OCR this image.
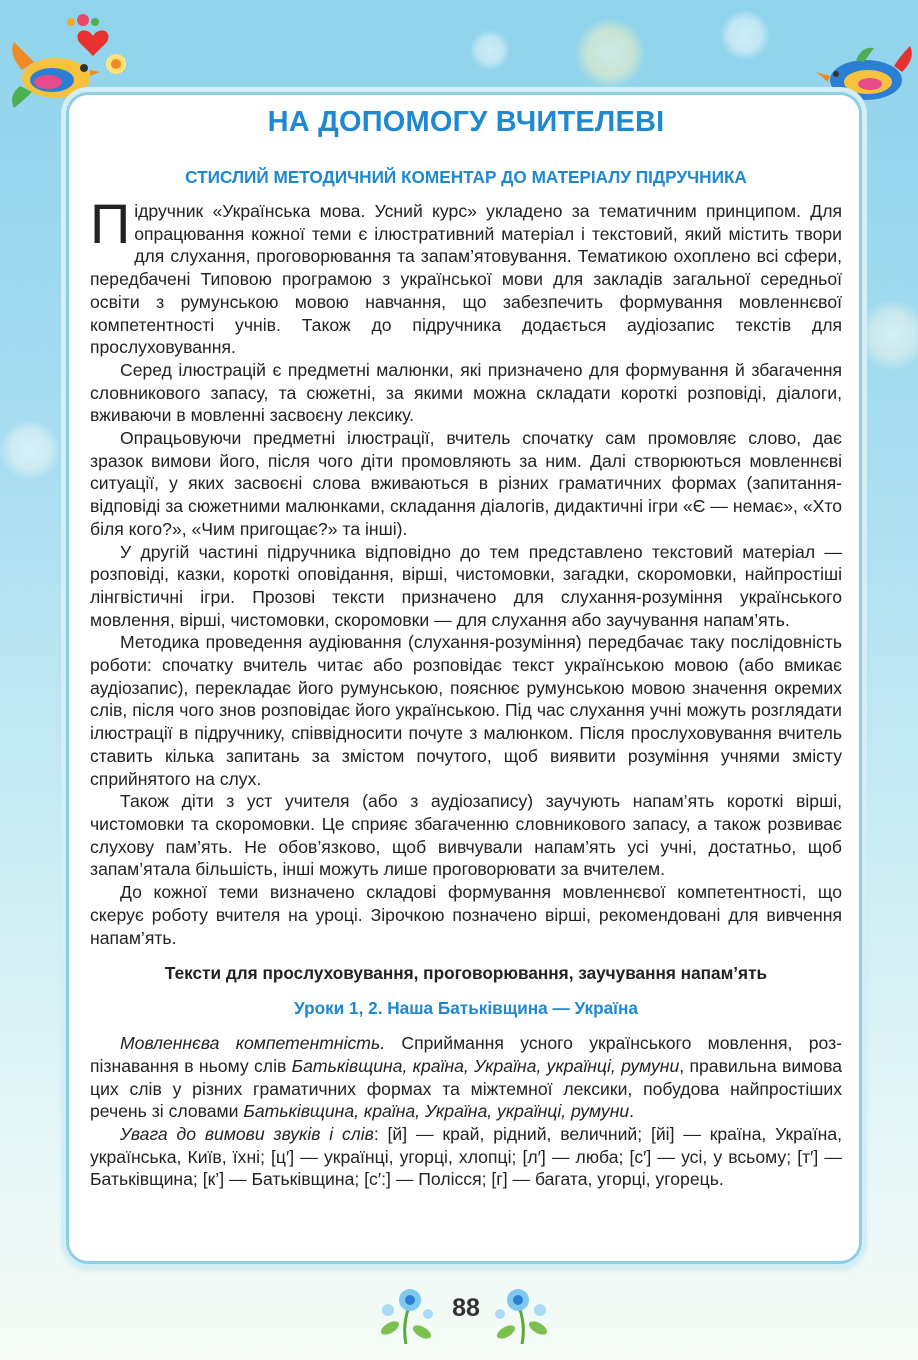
НА ДОПОМОГУ ВЧИТЕЛЕВІ
СТИСЛИЙ МЕТОДИЧНИЙ КОМЕНТАР ДО МАТЕРІАЛУ ПІДРУЧНИКА

Підручник «Українська мова. Усний курс» укладено за тематичним принципом. Для опрацювання кожної теми є ілюстративний матеріал і текстовий, який містить твори для слухання, проговорювання та запам’ятовування. Тематикою охоплено всі сфери, передбачені Типовою програмою з української мови для закладів загальної середньої освіти з румунською мовою навчання, що забезпечить формування мовленнєвої компетентності учнів. Також до підручника додається аудіозапис текстів для прослуховування.

Серед ілюстрацій є предметні малюнки, які призначено для формування й збагачення словникового запасу, та сюжетні, за якими можна складати короткі розповіді, діалоги, вживаючи в мовленні засвоєну лексику.

Опрацьовуючи предметні ілюстрації, вчитель спочатку сам промовляє слово, дає зразок вимови його, після чого діти промовляють за ним. Далі створюються мовленнєві ситуації, у яких засвоєні слова вживаються в різних граматичних формах (запитання-відповіді за сюжетними малюнками, складання діалогів, дидактичні ігри «Є — немає», «Хто біля кого?», «Чим пригощає?» та інші).

У другій частині підручника відповідно до тем представлено текстовий матеріал — розповіді, казки, короткі оповідання, вірші, чистомовки, загадки, скоромовки, найпростіші лінгвістичні ігри. Прозові тексти призначено для слухання-розуміння українського мовлення, вірші, чистомовки, скоромовки — для слухання або заучування напам’ять.

Методика проведення аудіювання (слухання-розуміння) передбачає таку послідовність роботи: спочатку вчитель читає або розповідає текст українською мовою (або вмикає аудіозапис), перекладає його румунською, пояснює румунською мовою значення окремих слів, після чого знов розповідає його українською. Під час слухання учні можуть розглядати ілюстрації в підручнику, співвідносити почуте з малюнком. Після прослуховування вчитель ставить кілька запитань за змістом почутого, щоб виявити розуміння учнями змісту сприйнятого на слух.

Також діти з уст учителя (або з аудіозапису) заучують напам’ять короткі вірші, чистомовки та скоромовки. Це сприяє збагаченню словникового запасу, а також розвиває слухову пам’ять. Не обов’язково, щоб вивчували напам’ять усі учні, достатньо, щоб запам’ятала більшість, інші можуть лише проговорювати за вчителем.

До кожної теми визначено складові формування мовленнєвої компетентності, що скерує роботу вчителя на уроці. Зірочкою позначено вірші, рекомендовані для вивчення напам’ять.

Тексти для прослуховування, проговорювання, заучування напам’ять
Уроки 1, 2. Наша Батьківщина — Україна

Мовленнєва компетентність. Сприймання усного українського мовлення, розпізнавання в ньому слів Батьківщина, країна, Україна, українці, румуни, правильна вимова цих слів у різних граматичних формах та міжтемної лексики, побудова найпростіших речень зі словами Батьківщина, країна, Україна, українці, румуни.

Увага до вимови звуків і слів: [й] — край, рідний, величний; [йі] — країна, Україна, українська, Київ, їхні; [ц′] — українці, угорці, хлопці; [л′] — люба; [с′] — усі, у всьому; [т′] — Батьківщина; [к’] — Батьківщина; [с′:] — Полісся; [г] — багата, угорці, угорець.

88
